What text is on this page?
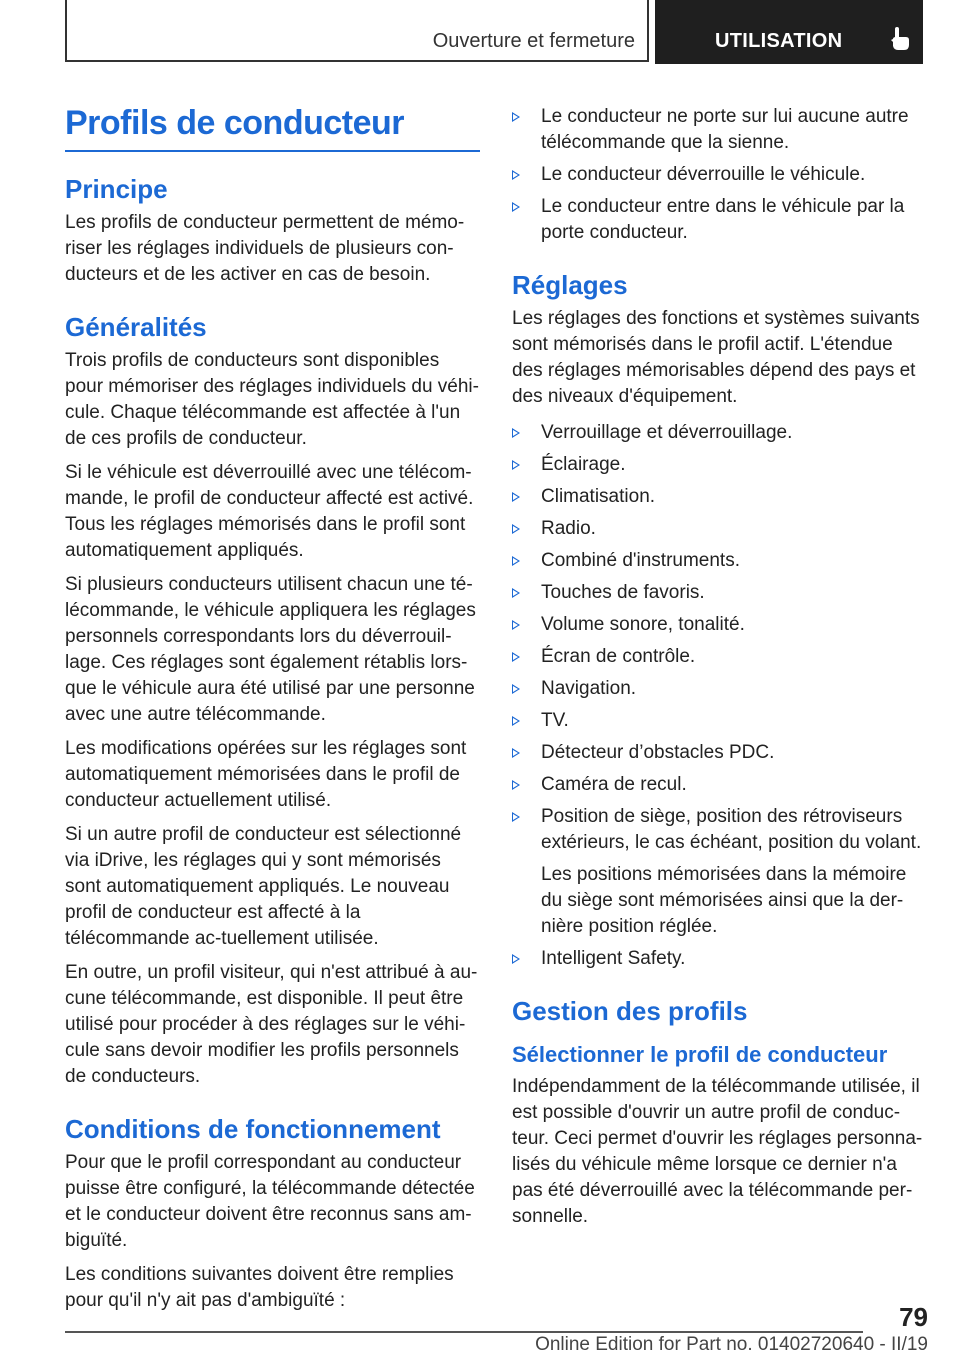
Ouverture et fermeture	UTILISATION
Profils de conducteur
Principe

Les profils de conducteur permettent de mémo-riser les réglages individuels de plusieurs con-ducteurs et de les activer en cas de besoin.

Généralités

Trois profils de conducteurs sont disponibles pour mémoriser des réglages individuels du véhi-cule. Chaque télécommande est affectée à l'un de ces profils de conducteur.

Si le véhicule est déverrouillé avec une télécom-mande, le profil de conducteur affecté est activé. Tous les réglages mémorisés dans le profil sont automatiquement appliqués.

Si plusieurs conducteurs utilisent chacun une té-lécommande, le véhicule appliquera les réglages personnels correspondants lors du déverrouil-lage. Ces réglages sont également rétablis lors-que le véhicule aura été utilisé par une personne avec une autre télécommande.

Les modifications opérées sur les réglages sont automatiquement mémorisées dans le profil de conducteur actuellement utilisé.

Si un autre profil de conducteur est sélectionné via iDrive, les réglages qui y sont mémorisés sont automatiquement appliqués. Le nouveau profil de conducteur est affecté à la télécommande ac-tuellement utilisée.

En outre, un profil visiteur, qui n'est attribué à au-cune télécommande, est disponible. Il peut être utilisé pour procéder à des réglages sur le véhi-cule sans devoir modifier les profils personnels de conducteurs.

Conditions de fonctionnement

Pour que le profil correspondant au conducteur puisse être configuré, la télécommande détectée et le conducteur doivent être reconnus sans am-biguïté.

Les conditions suivantes doivent être remplies pour qu'il n'y ait pas d'ambiguïté :

Le conducteur ne porte sur lui aucune autre télécommande que la sienne.
Le conducteur déverrouille le véhicule.
Le conducteur entre dans le véhicule par la porte conducteur.
Réglages

Les réglages des fonctions et systèmes suivants sont mémorisés dans le profil actif. L'étendue des réglages mémorisables dépend des pays et des niveaux d'équipement.

Verrouillage et déverrouillage.
Éclairage.
Climatisation.
Radio.
Combiné d'instruments.
Touches de favoris.
Volume sonore, tonalité.
Écran de contrôle.
Navigation.
TV.
Détecteur d’obstacles PDC.
Caméra de recul.
Position de siège, position des rétroviseurs extérieurs, le cas échéant, position du volant.
Les positions mémorisées dans la mémoire du siège sont mémorisées ainsi que la der-nière position réglée.
Intelligent Safety.
Gestion des profils
Sélectionner le profil de conducteur

Indépendamment de la télécommande utilisée, il est possible d'ouvrir un autre profil de conduc-teur. Ceci permet d'ouvrir les réglages personna-lisés du véhicule même lorsque ce dernier n'a pas été déverrouillé avec la télécommande per-sonnelle.

79
Online Edition for Part no. 01402720640 - II/19
